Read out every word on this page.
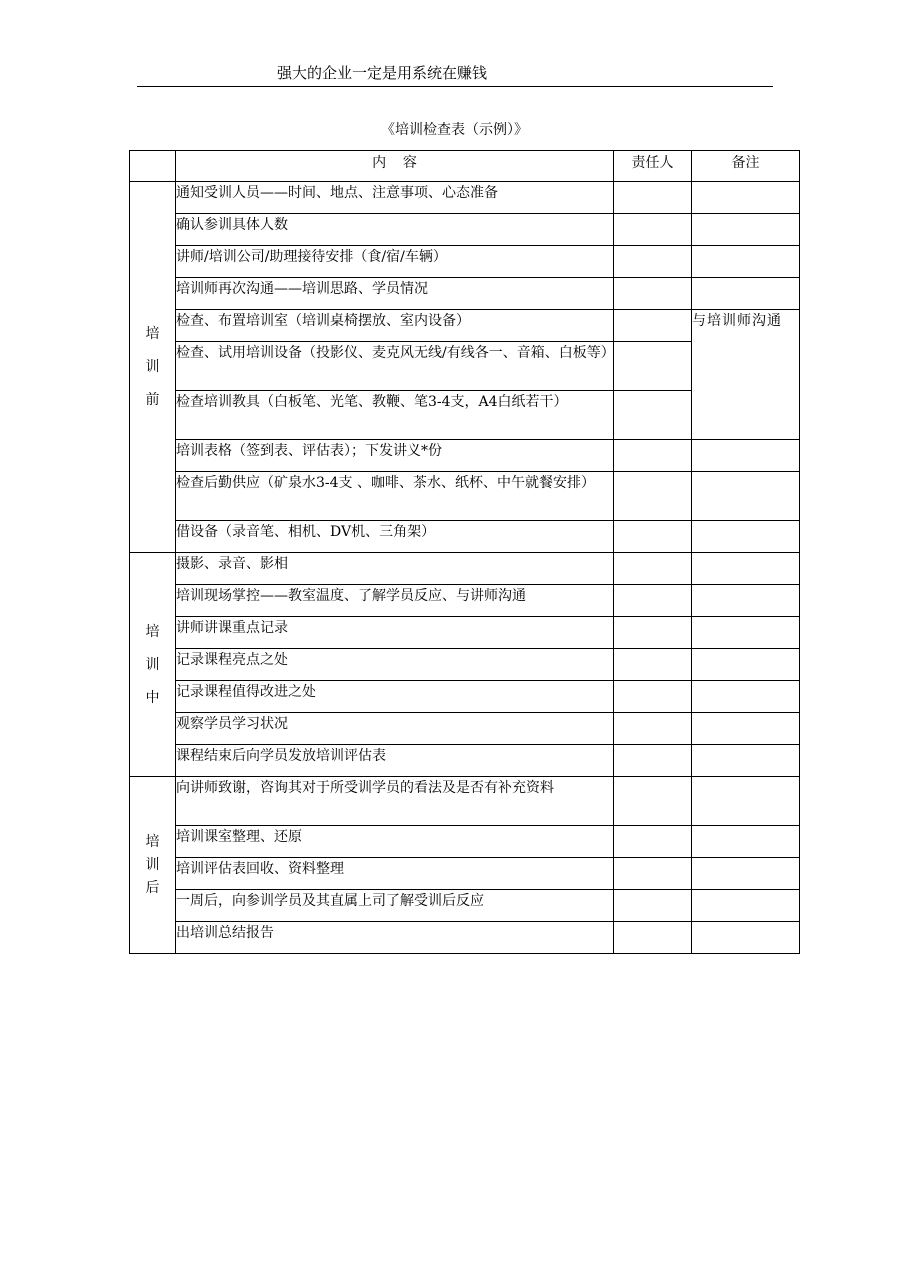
强大的企业一定是用系统在赚钱
《培训检查表（示例）》
	内容	责任人	备注

培
训
前	通知受训人员——时间、地点、注意事项、心态准备		
	确认参训具体人数		
	讲师/培训公司/助理接待安排（食/宿/车辆）		
	培训师再次沟通——培训思路、学员情况		
	检查、布置培训室（培训桌椅摆放、室内设备）		与培训师沟通
	检查、试用培训设备（投影仪、麦克风无线/有线各一、音箱、白板等）		
	检查培训教具（白板笔、光笔、教鞭、笔3-4支，A4白纸若干）		
	培训表格（签到表、评估表）；下发讲义*份		
	检查后勤供应（矿泉水3-4支 、咖啡、茶水、纸杯、中午就餐安排）		
	借设备（录音笔、相机、DV机、三角架）		

培
训
中	摄影、录音、影相		
	培训现场掌控——教室温度、了解学员反应、与讲师沟通		
	讲师讲课重点记录		
	记录课程亮点之处		
	记录课程值得改进之处		
	观察学员学习状况		
	课程结束后向学员发放培训评估表		

培
训
后	向讲师致谢，咨询其对于所受训学员的看法及是否有补充资料		
	培训课室整理、还原		
	培训评估表回收、资料整理		
	一周后，向参训学员及其直属上司了解受训后反应		
	出培训总结报告		
